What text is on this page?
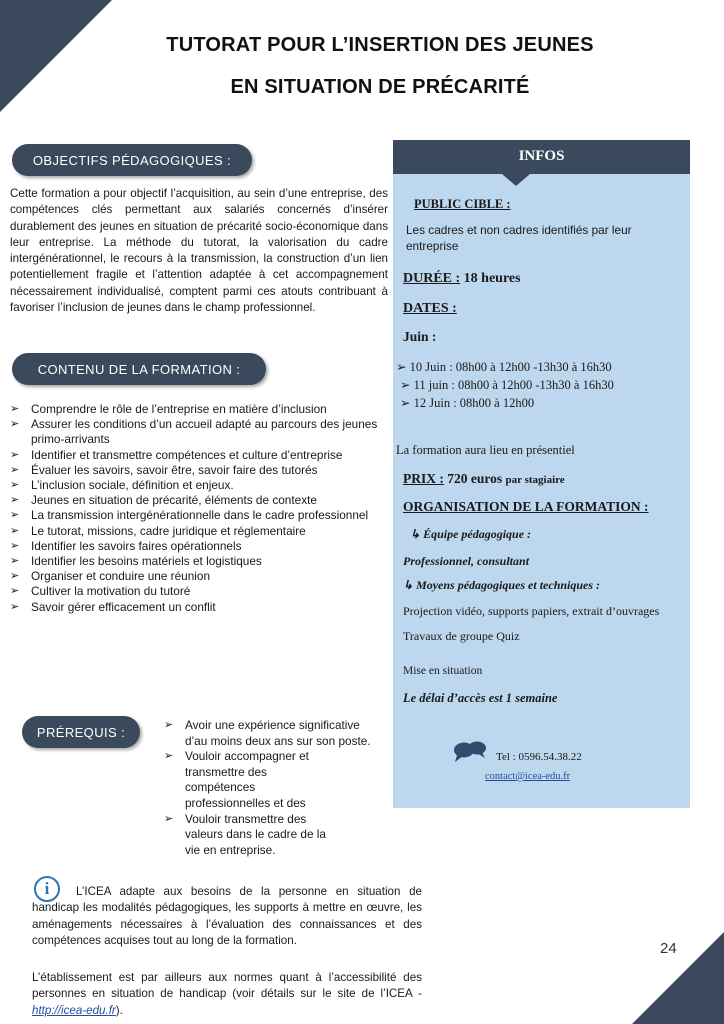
TUTORAT POUR L’INSERTION DES JEUNES
EN SITUATION DE PRÉCARITÉ
OBJECTIFS PÉDAGOGIQUES :
Cette formation a pour objectif l’acquisition, au sein d’une entreprise, des compétences clés permettant aux salariés concernés d’insérer durablement des jeunes en situation de précarité socio-économique dans leur entreprise. La méthode du tutorat, la valorisation du cadre intergénérationnel, le recours à la transmission, la construction d’un lien potentiellement fragile et l’attention adaptée à cet accompagnement nécessairement individualisé, comptent parmi ces atouts contribuant à favoriser l’inclusion de jeunes dans le champ professionnel.
CONTENU DE LA FORMATION :
➢ Comprendre le rôle de l’entreprise en matière d’inclusion
➢ Assurer les conditions d’un accueil adapté au parcours des jeunes primo-arrivants
➢ Identifier et transmettre compétences et culture d’entreprise
➢ Évaluer les savoirs, savoir être, savoir faire des tutorés
➢ L’inclusion sociale, définition et enjeux.
➢ Jeunes en situation de précarité, éléments de contexte
➢ La transmission intergénérationnelle dans le cadre professionnel
➢ Le tutorat, missions, cadre juridique et réglementaire
➢ Identifier les savoirs faires opérationnels
➢ Identifier les besoins matériels et logistiques
➢ Organiser et conduire une réunion
➢ Cultiver la motivation du tutoré
➢ Savoir gérer efficacement un conflit
PRÉREQUIS :	➢ Avoir une expérience significative d’au moins deux ans sur son poste.
➢ Vouloir accompagner et transmettre des compétences professionnelles et des
➢ Vouloir transmettre des valeurs dans le cadre de la vie en entreprise.
i	L’ICEA adapte aux besoins de la personne en situation de handicap les modalités pédagogiques, les supports à mettre en œuvre, les aménagements nécessaires à l’évaluation des connaissances et des compétences acquises tout au long de la formation.
L’établissement est par ailleurs aux normes quant à l’accessibilité des personnes en situation de handicap (voir détails sur le site de l’ICEA - http://icea-edu.fr).
INFOS
PUBLIC CIBLE :
Les cadres et non cadres identifiés par leur entreprise
DURÉE : 18 heures
DATES :
Juin :
➢ 10 Juin : 08h00 à 12h00 -13h30 à 16h30
➢ 11 juin : 08h00 à 12h00 -13h30 à 16h30
➢ 12 Juin : 08h00 à 12h00
La formation aura lieu en présentiel
PRIX : 720 euros par stagiaire
ORGANISATION DE LA FORMATION :
↳ Équipe pédagogique :
Professionnel, consultant
↳ Moyens pédagogiques et techniques :
Projection vidéo, supports papiers, extrait d’ouvrages
Travaux de groupe Quiz
Mise en situation
Le délai d’accès est 1 semaine
Tel : 0596.54.38.22
contact@icea-edu.fr
24
